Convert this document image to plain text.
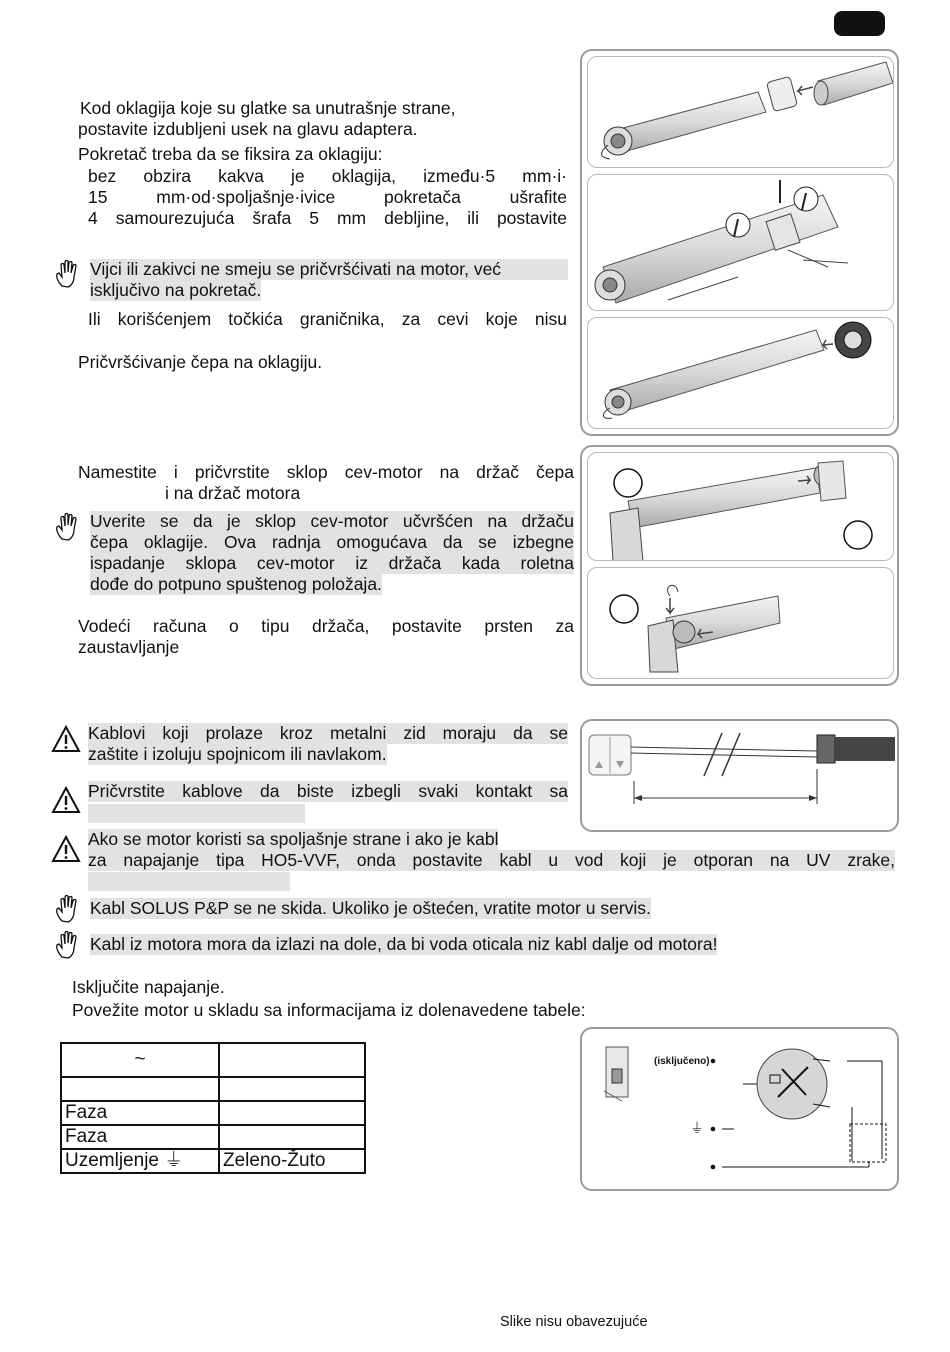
Kod oklagija koje su glatke sa unutrašnje strane,
postavite izdubljeni usek na glavu adaptera.
Pokretač treba da se fiksira za oklagiju:
bez obzira kakva je oklagija, između·5 mm·i·
15 mm·od·spoljašnje·ivice pokretača ušrafite
4 samourezujuća šrafa 5 mm debljine, ili postavite
Vijci ili zakivci ne smeju se pričvršćivati na motor, već
isključivo na pokretač.
Ili korišćenjem točkića graničnika, za cevi koje nisu
Pričvršćivanje čepa na oklagiju.
Namestite i pričvrstite sklop cev-motor na držač čepa
i na držač motora
Uverite se da je sklop cev-motor učvršćen na držaču
čepa oklagije. Ova radnja omogućava da se izbegne
ispadanje sklopa cev-motor iz držača kada roletna
dođe do potpuno spuštenog položaja.
Vodeći računa o tipu držača, postavite prsten za
zaustavljanje
Kablovi koji prolaze kroz metalni zid moraju da se
zaštite i izoluju spojnicom ili navlakom.
Pričvrstite kablove da biste izbegli svaki kontakt sa
Ako se motor koristi sa spoljašnje strane i ako je kabl
za napajanje tipa HO5-VVF, onda postavite kabl u vod koji je otporan na UV zrake,
Kabl SOLUS P&P se ne skida. Ukoliko je oštećen, vratite motor u servis.
Kabl iz motora mora da izlazi na dole, da bi voda oticala niz kabl dalje od motora!
Isključite napajanje.
Povežite motor u skladu sa informacijama iz dolenavedene tabele:
~	

Faza	
Faza	
Uzemljenje ⏚	Zeleno-Žuto
⏚
(isključeno)
Slike nisu obavezujuće
